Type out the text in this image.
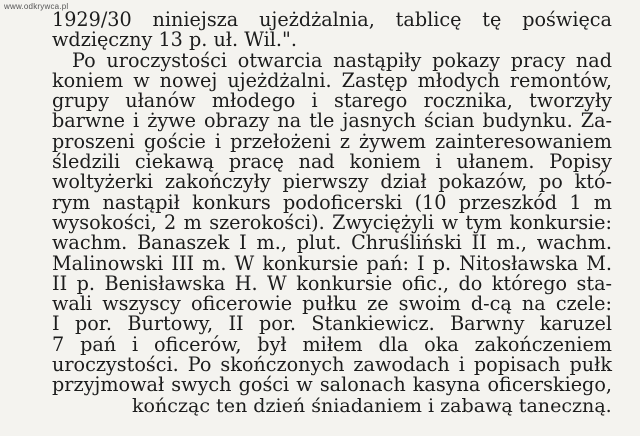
www.odkrywca.pl
1929/30 niniejsza ujeżdżalnia, tablicę tę poświęca
wdzięczny 13 p. uł. Wil.".
Po uroczystości otwarcia nastąpiły pokazy pracy nad
koniem w nowej ujeżdżalni. Zastęp młodych remontów,
grupy ułanów młodego i starego rocznika, tworzyły
barwne i żywe obrazy na tle jasnych ścian budynku. Za-
proszeni goście i przełożeni z żywem zainteresowaniem
śledzili ciekawą pracę nad koniem i ułanem. Popisy
woltyżerki zakończyły pierwszy dział pokazów, po któ-
rym nastąpił konkurs podoficerski (10 przeszkód 1 m
wysokości, 2 m szerokości). Zwyciężyli w tym konkursie:
wachm. Banaszek I m., plut. Chruśliński II m., wachm.
Malinowski III m. W konkursie pań: I p. Nitosławska M.
II p. Benisławska H. W konkursie ofic., do którego sta-
wali wszyscy oficerowie pułku ze swoim d-cą na czele:
I por. Burtowy, II por. Stankiewicz. Barwny karuzel
7 pań i oficerów, był miłem dla oka zakończeniem
uroczystości. Po skończonych zawodach i popisach pułk
przyjmował swych gości w salonach kasyna oficerskiego,
kończąc ten dzień śniadaniem i zabawą taneczną.
